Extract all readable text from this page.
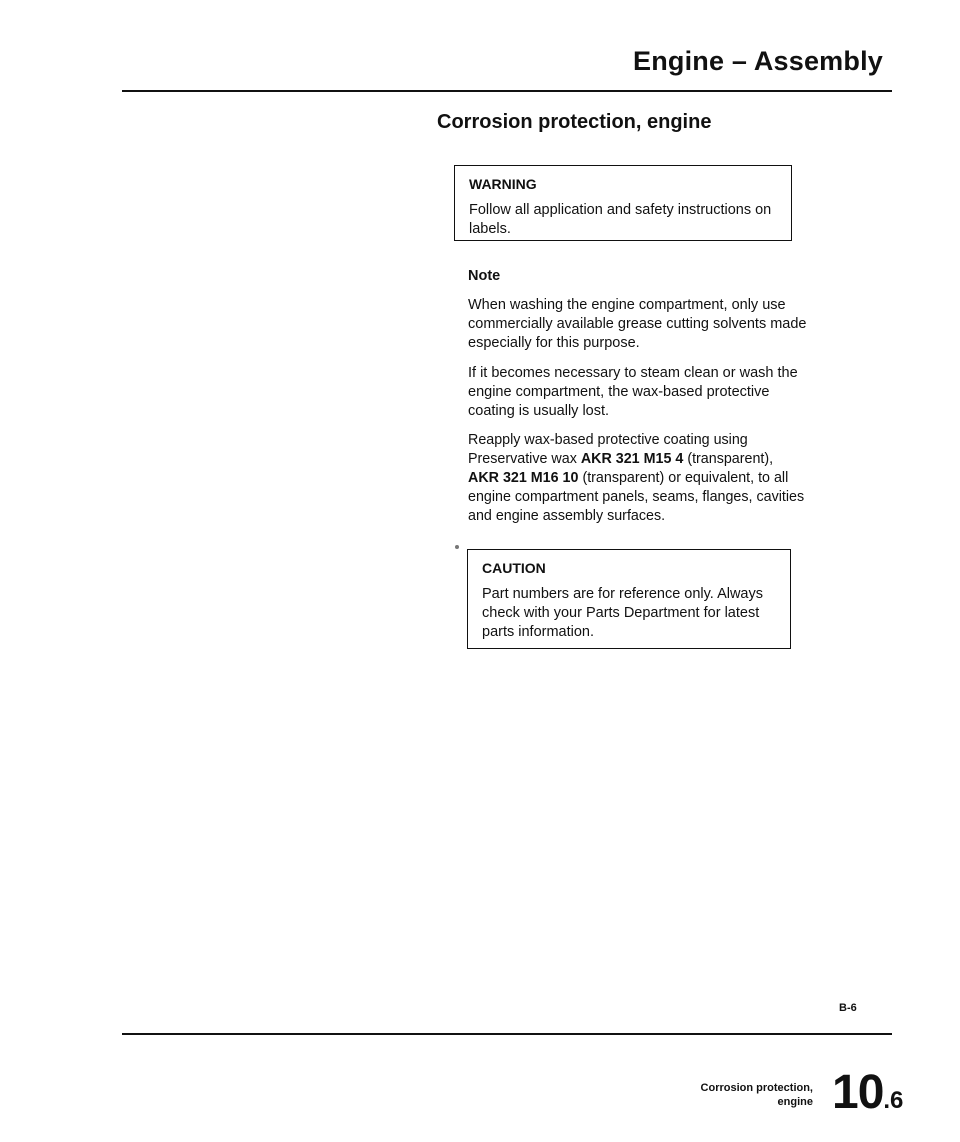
Engine – Assembly
Corrosion protection, engine
WARNING
Follow all application and safety instructions on labels.
Note
When washing the engine compartment, only use commercially available grease cutting solvents made especially for this purpose.
If it becomes necessary to steam clean or wash the engine compartment, the wax-based protective coating is usually lost.
Reapply wax-based protective coating using Preservative wax AKR 321 M15 4 (transparent), AKR 321 M16 10 (transparent) or equivalent, to all engine compartment panels, seams, flanges, cavities and engine assembly surfaces.
CAUTION
Part numbers are for reference only. Always check with your Parts Department for latest parts information.
B-6
Corrosion protection,
engine 10.6
